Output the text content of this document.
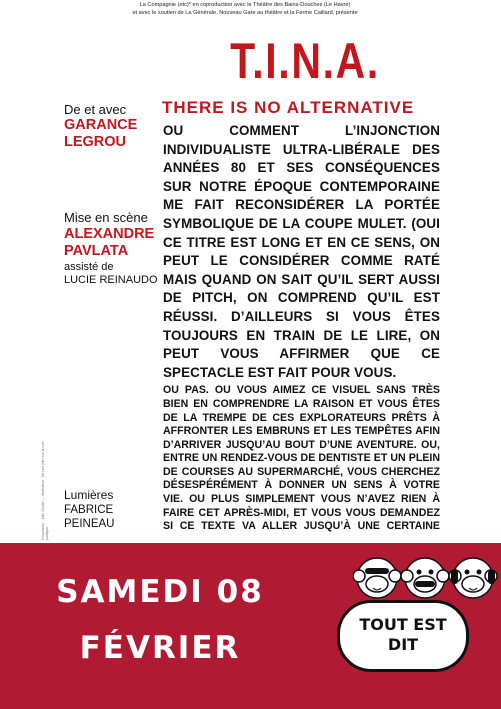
La Compagnie (etc)* en coproduction avec le Théâtre des Bains-Douches (Le Havre)
et avec le soutien de La Générale, Nouveau Gare au théâtre et la Ferme Caillard, présente
T.I.N.A.
THERE IS NO ALTERNATIVE
De et avec
GARANCE
LEGROU
Mise en scène
ALEXANDRE
PAVLATA
assisté de
LUCIE REINAUDO
Lumières
FABRICE PEINEAU
Graphisme : Julie Goulet — Illustration · Ne pas jeter sur la voie publique
OU COMMENT L’INJONCTION INDIVIDUALISTE ULTRA-LIBÉRALE DES ANNÉES 80 ET SES CONSÉQUENCES SUR NOTRE ÉPOQUE CONTEMPORAINE ME FAIT RECONSIDÉRER LA PORTÉE SYMBOLIQUE DE LA COUPE MULET. (OUI CE TITRE EST LONG ET EN CE SENS, ON PEUT LE CONSIDÉRER COMME RATÉ MAIS QUAND ON SAIT QU’IL SERT AUSSI DE PITCH, ON COMPREND QU’IL EST RÉUSSI. D’AILLEURS SI VOUS ÊTES TOUJOURS EN TRAIN DE LE LIRE, ON PEUT VOUS AFFIRMER QUE CE SPECTACLE EST FAIT POUR VOUS.
OU PAS. OU VOUS AIMEZ CE VISUEL SANS TRÈS BIEN EN COMPRENDRE LA RAISON ET VOUS ÊTES DE LA TREMPE DE CES EXPLORATEURS PRÊTS À AFFRONTER LES EMBRUNS ET LES TEMPÊTES AFIN D’ARRIVER JUSQU’AU BOUT D’UNE AVENTURE. OU, ENTRE UN RENDEZ-VOUS DE DENTISTE ET UN PLEIN DE COURSES AU SUPERMARCHÉ, VOUS CHERCHEZ DÉSESPÉRÉMENT À DONNER UN SENS À VOTRE VIE. OU PLUS SIMPLEMENT VOUS N’AVEZ RIEN À FAIRE CET APRÈS-MIDI, ET VOUS VOUS DEMANDEZ SI CE TEXTE VA ALLER JUSQU’À UNE CERTAINE
SAMEDI 08
FÉVRIER
TOUT EST
DIT
